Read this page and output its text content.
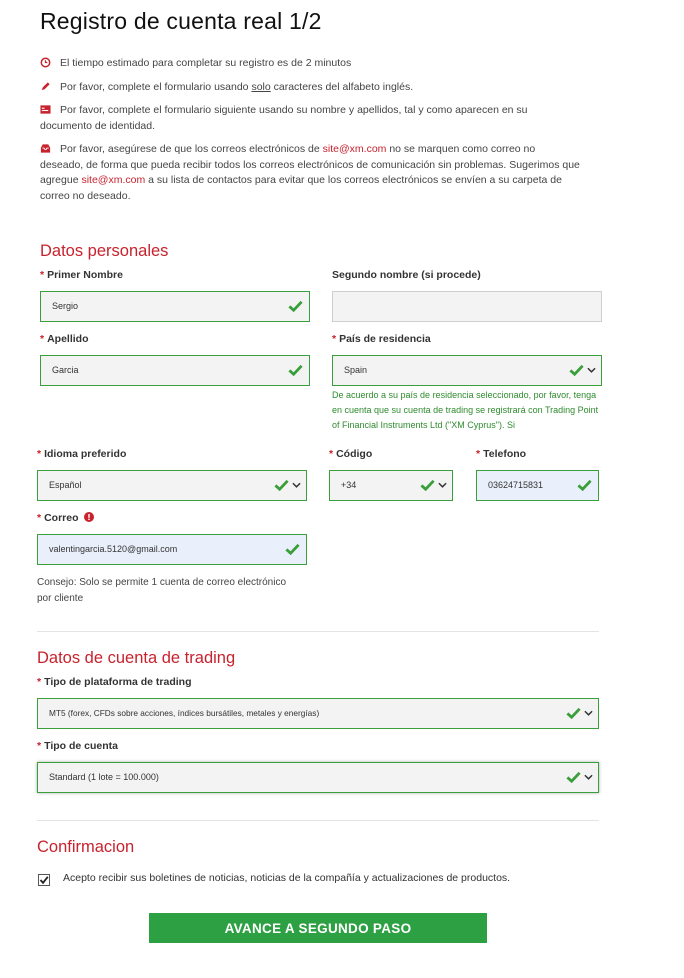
Registro de cuenta real 1/2
El tiempo estimado para completar su registro es de 2 minutos
Por favor, complete el formulario usando solo caracteres del alfabeto inglés.
Por favor, complete el formulario siguiente usando su nombre y apellidos, tal y como aparecen en su documento de identidad.
Por favor, asegúrese de que los correos electrónicos de site@xm.com no se marquen como correo no deseado, de forma que pueda recibir todos los correos electrónicos de comunicación sin problemas. Sugerimos que agregue site@xm.com a su lista de contactos para evitar que los correos electrónicos se envíen a su carpeta de correo no deseado.
Datos personales
* Primer Nombre
Sergio
Segundo nombre (si procede)
* Apellido
Garcia
* País de residencia
Spain
De acuerdo a su país de residencia seleccionado, por favor, tenga en cuenta que su cuenta de trading se registrará con Trading Point of Financial Instruments Ltd ("XM Cyprus"). Si
* Idioma preferido
Español
* Código
+34
* Telefono
03624715831
* Correo
valentingarcia.5120@gmail.com
Consejo: Solo se permite 1 cuenta de correo electrónico por cliente
Datos de cuenta de trading
* Tipo de plataforma de trading
MT5 (forex, CFDs sobre acciones, índices bursátiles, metales y energías)
* Tipo de cuenta
Standard (1 lote = 100.000)
Confirmacion
Acepto recibir sus boletines de noticias, noticias de la compañía y actualizaciones de productos.
AVANCE A SEGUNDO PASO
